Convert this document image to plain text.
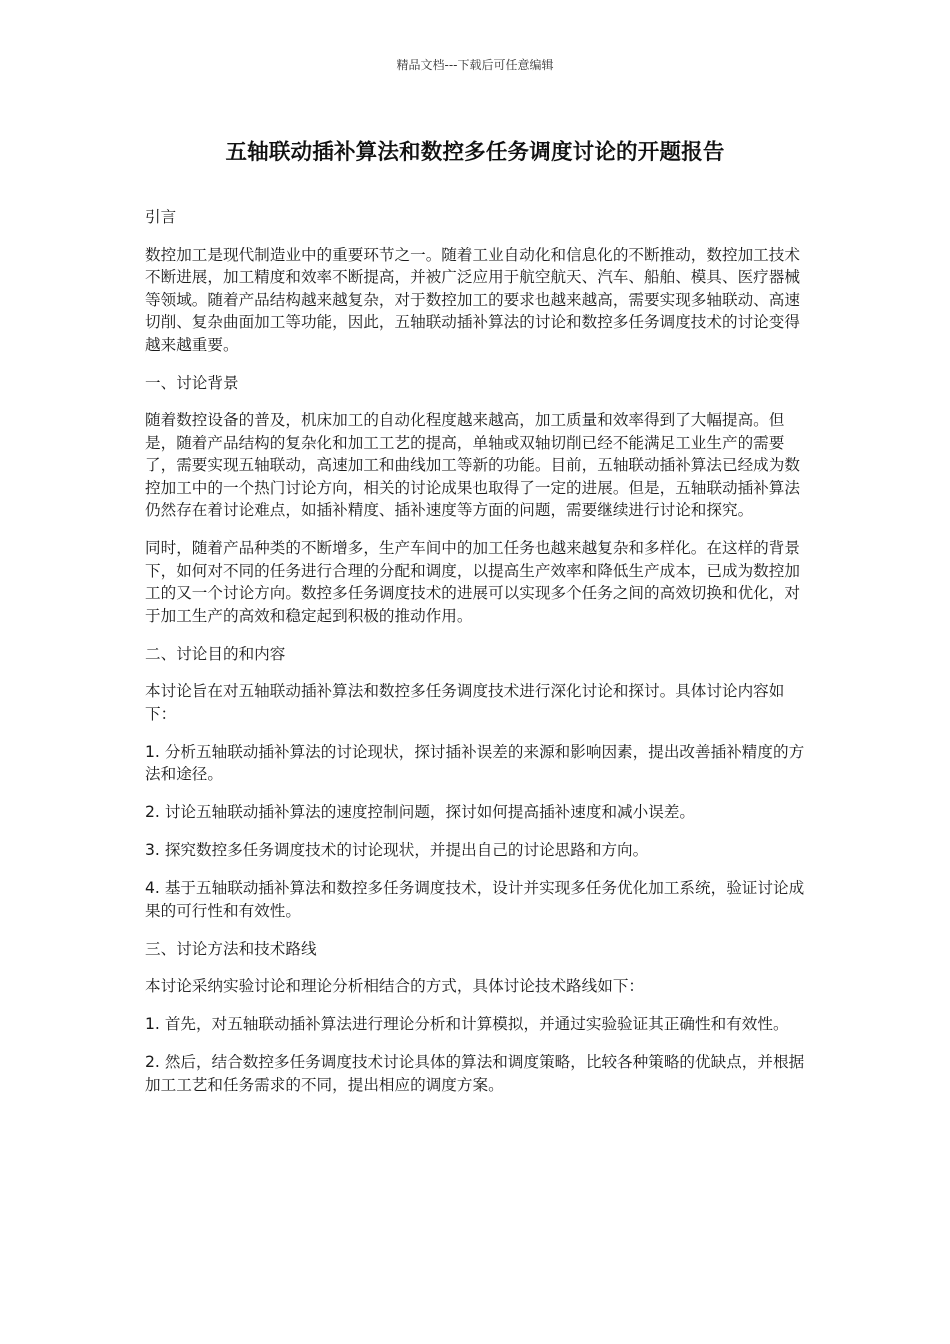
精品文档---下载后可任意编辑
五轴联动插补算法和数控多任务调度讨论的开题报告

引言

数控加工是现代制造业中的重要环节之一。随着工业自动化和信息化的不断推动，数控加工技术不断进展，加工精度和效率不断提高，并被广泛应用于航空航天、汽车、船舶、模具、医疗器械等领域。随着产品结构越来越复杂，对于数控加工的要求也越来越高，需要实现多轴联动、高速切削、复杂曲面加工等功能，因此，五轴联动插补算法的讨论和数控多任务调度技术的讨论变得越来越重要。

一、讨论背景

随着数控设备的普及，机床加工的自动化程度越来越高，加工质量和效率得到了大幅提高。但是，随着产品结构的复杂化和加工工艺的提高，单轴或双轴切削已经不能满足工业生产的需要了，需要实现五轴联动，高速加工和曲线加工等新的功能。目前，五轴联动插补算法已经成为数控加工中的一个热门讨论方向，相关的讨论成果也取得了一定的进展。但是，五轴联动插补算法仍然存在着讨论难点，如插补精度、插补速度等方面的问题，需要继续进行讨论和探究。

同时，随着产品种类的不断增多，生产车间中的加工任务也越来越复杂和多样化。在这样的背景下，如何对不同的任务进行合理的分配和调度，以提高生产效率和降低生产成本，已成为数控加工的又一个讨论方向。数控多任务调度技术的进展可以实现多个任务之间的高效切换和优化，对于加工生产的高效和稳定起到积极的推动作用。

二、讨论目的和内容

本讨论旨在对五轴联动插补算法和数控多任务调度技术进行深化讨论和探讨。具体讨论内容如下：

1. 分析五轴联动插补算法的讨论现状，探讨插补误差的来源和影响因素，提出改善插补精度的方法和途径。

2. 讨论五轴联动插补算法的速度控制问题，探讨如何提高插补速度和减小误差。

3. 探究数控多任务调度技术的讨论现状，并提出自己的讨论思路和方向。

4. 基于五轴联动插补算法和数控多任务调度技术，设计并实现多任务优化加工系统，验证讨论成果的可行性和有效性。

三、讨论方法和技术路线

本讨论采纳实验讨论和理论分析相结合的方式，具体讨论技术路线如下：

1. 首先，对五轴联动插补算法进行理论分析和计算模拟，并通过实验验证其正确性和有效性。

2. 然后，结合数控多任务调度技术讨论具体的算法和调度策略，比较各种策略的优缺点，并根据加工工艺和任务需求的不同，提出相应的调度方案。
